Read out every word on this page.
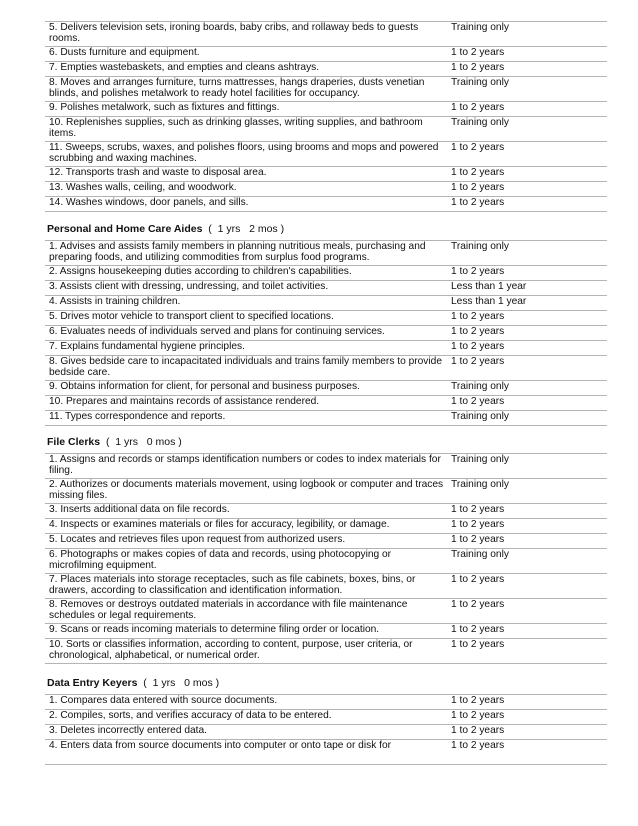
5. Delivers television sets, ironing boards, baby cribs, and rollaway beds to guests rooms.	Training only
6. Dusts furniture and equipment.	1 to 2 years
7. Empties wastebaskets, and empties and cleans ashtrays.	1 to 2 years
8. Moves and arranges furniture, turns mattresses, hangs draperies, dusts venetian blinds, and polishes metalwork to ready hotel facilities for occupancy.	Training only
9. Polishes metalwork, such as fixtures and fittings.	1 to 2 years
10. Replenishes supplies, such as drinking glasses, writing supplies, and bathroom items.	Training only
11. Sweeps, scrubs, waxes, and polishes floors, using brooms and mops and powered scrubbing and waxing machines.	1 to 2 years
12. Transports trash and waste to disposal area.	1 to 2 years
13. Washes walls, ceiling, and woodwork.	1 to 2 years
14. Washes windows, door panels, and sills.	1 to 2 years
Personal and Home Care Aides  (  1 yrs   2 mos )
1. Advises and assists family members in planning nutritious meals, purchasing and preparing foods, and utilizing commodities from surplus food programs.	Training only
2. Assigns housekeeping duties according to children's capabilities.	1 to 2 years
3. Assists client with dressing, undressing, and toilet activities.	Less than 1 year
4. Assists in training children.	Less than 1 year
5. Drives motor vehicle to transport client to specified locations.	1 to 2 years
6. Evaluates needs of individuals served and plans for continuing services.	1 to 2 years
7. Explains fundamental hygiene principles.	1 to 2 years
8. Gives bedside care to incapacitated individuals and trains family members to provide bedside care.	1 to 2 years
9. Obtains information for client, for personal and business purposes.	Training only
10. Prepares and maintains records of assistance rendered.	1 to 2 years
11. Types correspondence and reports.	Training only
File Clerks  (  1 yrs   0 mos )
1. Assigns and records or stamps identification numbers or codes to index materials for filing.	Training only
2. Authorizes or documents materials movement, using logbook or computer and traces missing files.	Training only
3. Inserts additional data on file records.	1 to 2 years
4. Inspects or examines materials or files for accuracy, legibility, or damage.	1 to 2 years
5. Locates and retrieves files upon request from authorized users.	1 to 2 years
6. Photographs or makes copies of data and records, using photocopying or microfilming equipment.	Training only
7. Places materials into storage receptacles, such as file cabinets, boxes, bins, or drawers, according to classification and identification information.	1 to 2 years
8. Removes or destroys outdated materials in accordance with file maintenance schedules or legal requirements.	1 to 2 years
9. Scans or reads incoming materials to determine filing order or location.	1 to 2 years
10. Sorts or classifies information, according to content, purpose, user criteria, or chronological, alphabetical, or numerical order.	1 to 2 years
Data Entry Keyers  (  1 yrs   0 mos )
1. Compares data entered with source documents.	1 to 2 years
2. Compiles, sorts, and verifies accuracy of data to be entered.	1 to 2 years
3. Deletes incorrectly entered data.	1 to 2 years
4. Enters data from source documents into computer or onto tape or disk for	1 to 2 years
